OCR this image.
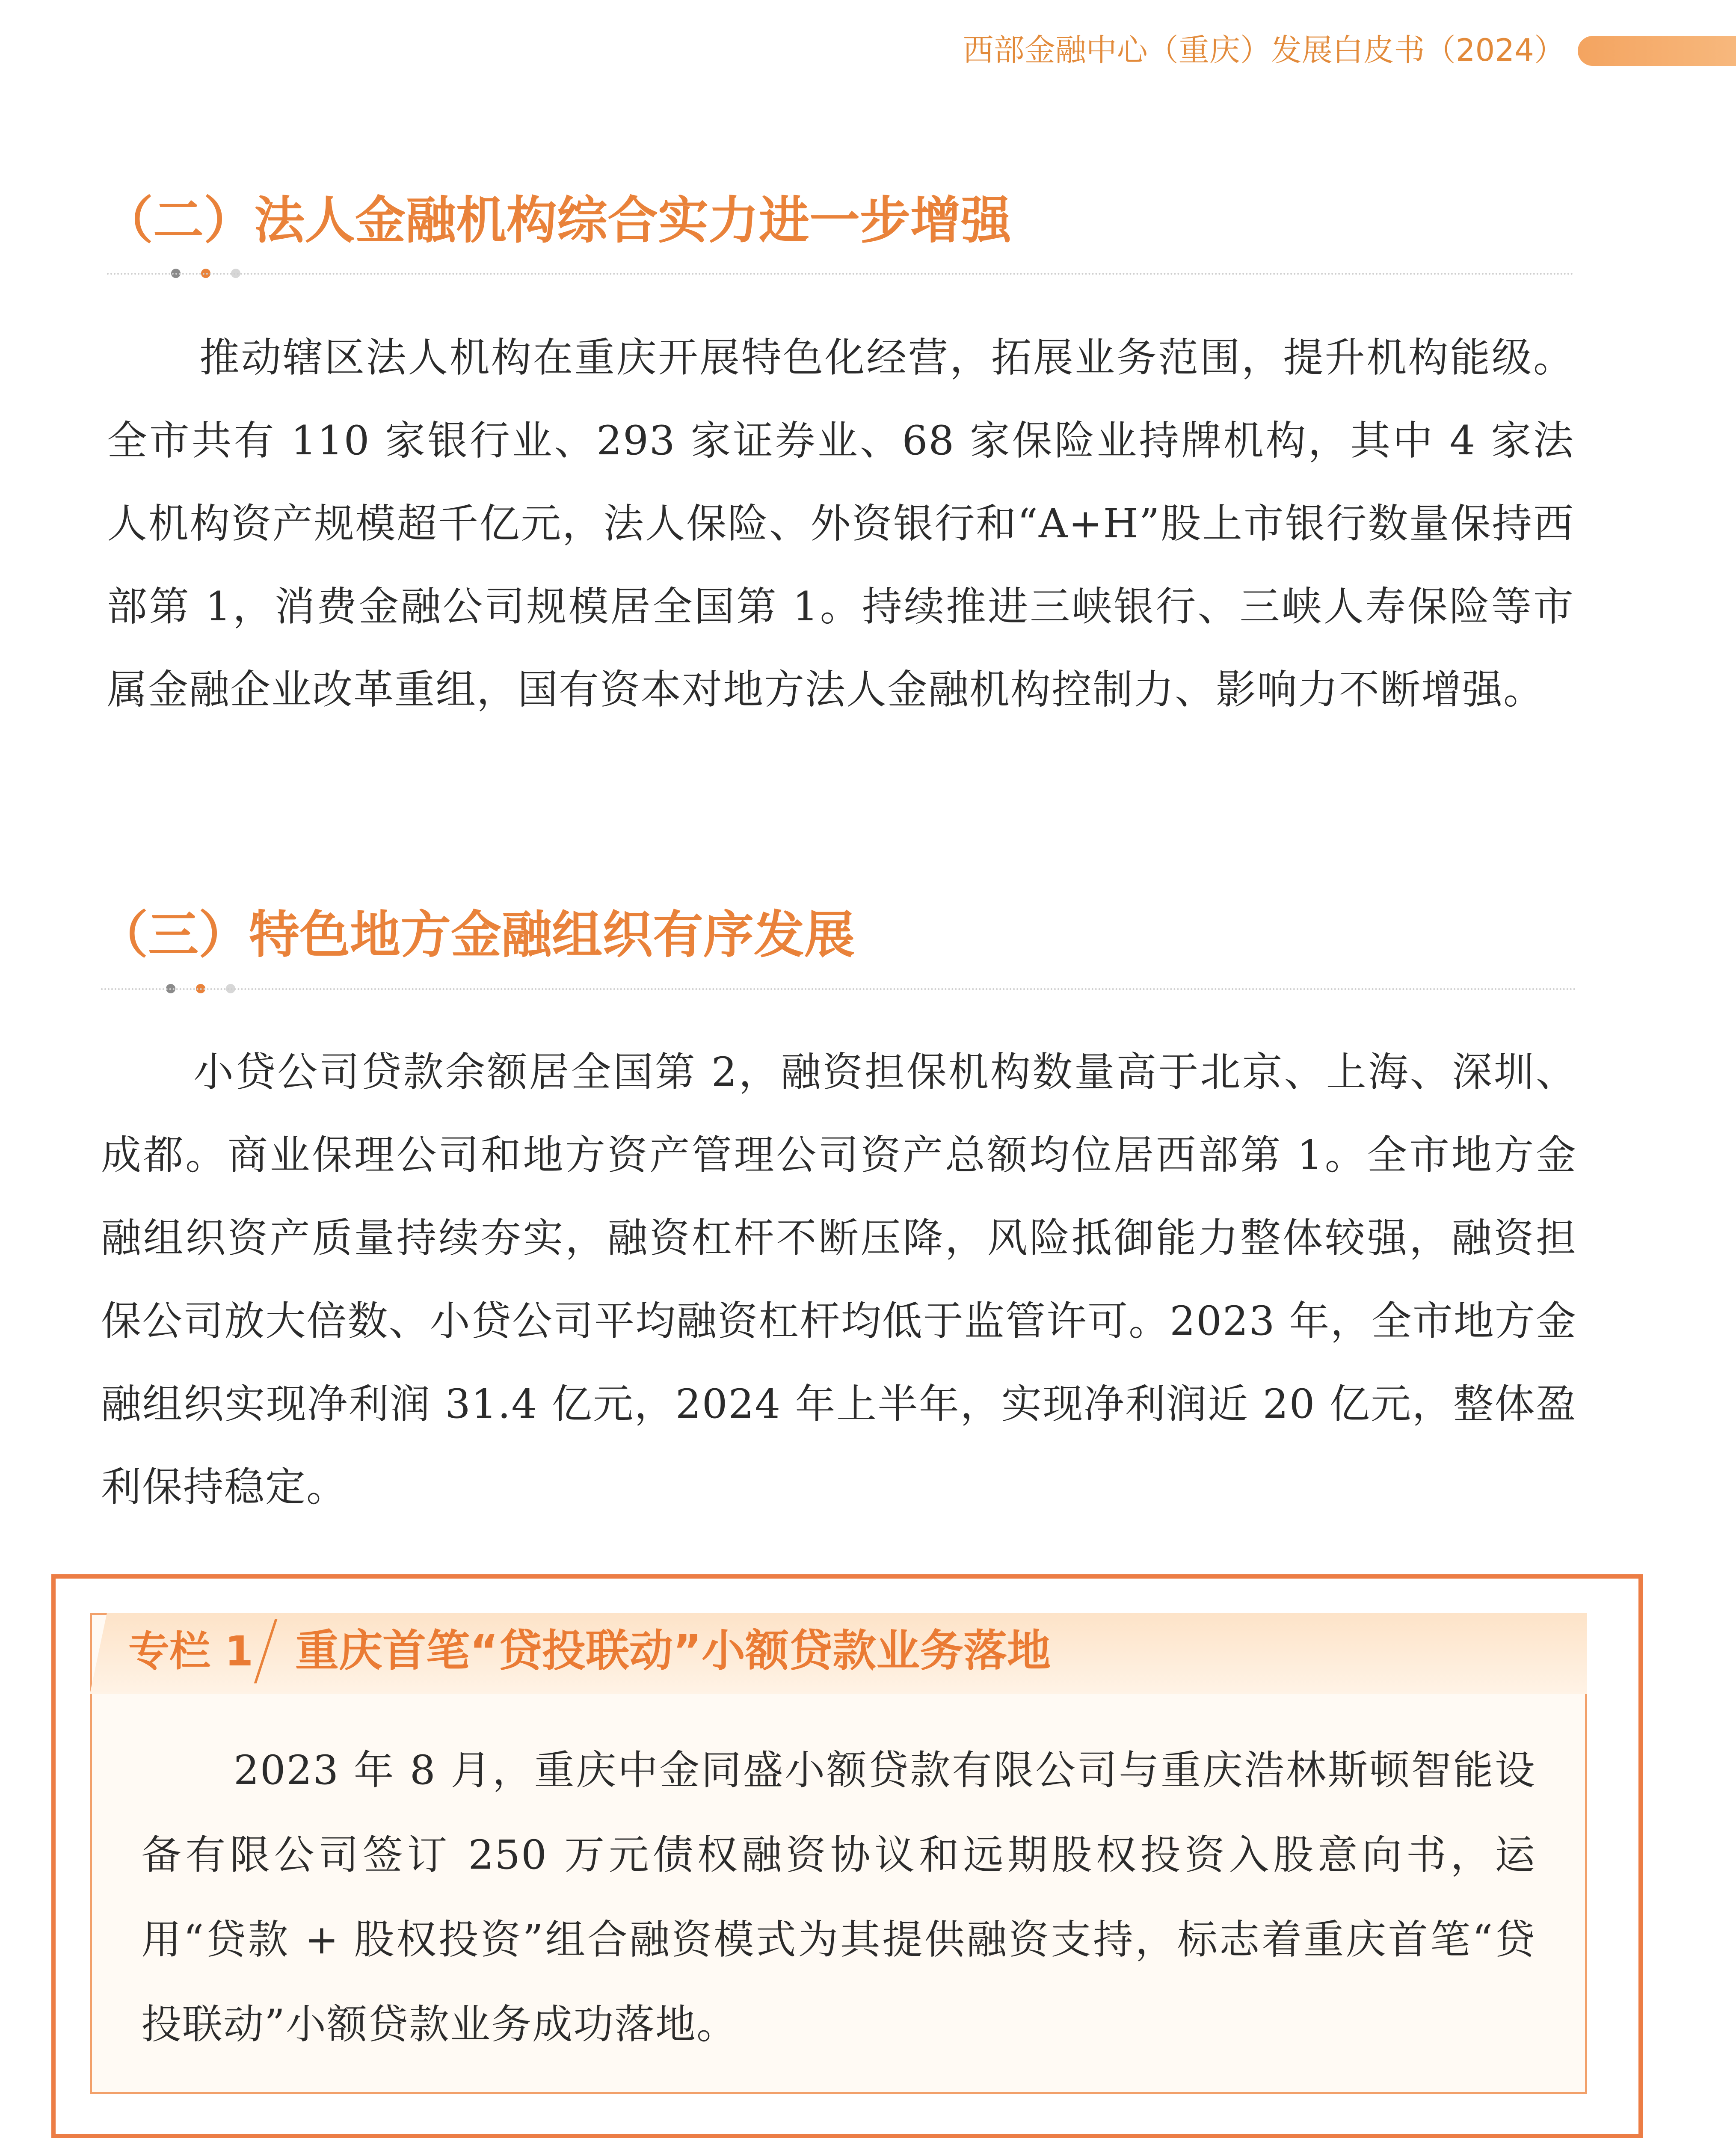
西部金融中心（重庆）发展白皮书（2024）
（二）法人金融机构综合实力进一步增强

推动辖区法人机构在重庆开展特色化经营，拓展业务范围，提升机构能级。全市共有 110 家银行业、293 家证券业、68 家保险业持牌机构，其中 4 家法人机构资产规模超千亿元，法人保险、外资银行和“A+H”股上市银行数量保持西部第 1，消费金融公司规模居全国第 1。持续推进三峡银行、三峡人寿保险等市属金融企业改革重组，国有资本对地方法人金融机构控制力、影响力不断增强。

（三）特色地方金融组织有序发展

小贷公司贷款余额居全国第 2，融资担保机构数量高于北京、上海、深圳、成都。商业保理公司和地方资产管理公司资产总额均位居西部第 1。全市地方金融组织资产质量持续夯实，融资杠杆不断压降，风险抵御能力整体较强，融资担保公司放大倍数、小贷公司平均融资杠杆均低于监管许可。2023 年，全市地方金融组织实现净利润 31.4 亿元，2024 年上半年，实现净利润近 20 亿元，整体盈利保持稳定。

专栏 1 重庆首笔“贷投联动”小额贷款业务落地

2023 年 8 月，重庆中金同盛小额贷款有限公司与重庆浩林斯顿智能设备有限公司签订 250 万元债权融资协议和远期股权投资入股意向书，运用“贷款 + 股权投资”组合融资模式为其提供融资支持，标志着重庆首笔“贷投联动”小额贷款业务成功落地。
